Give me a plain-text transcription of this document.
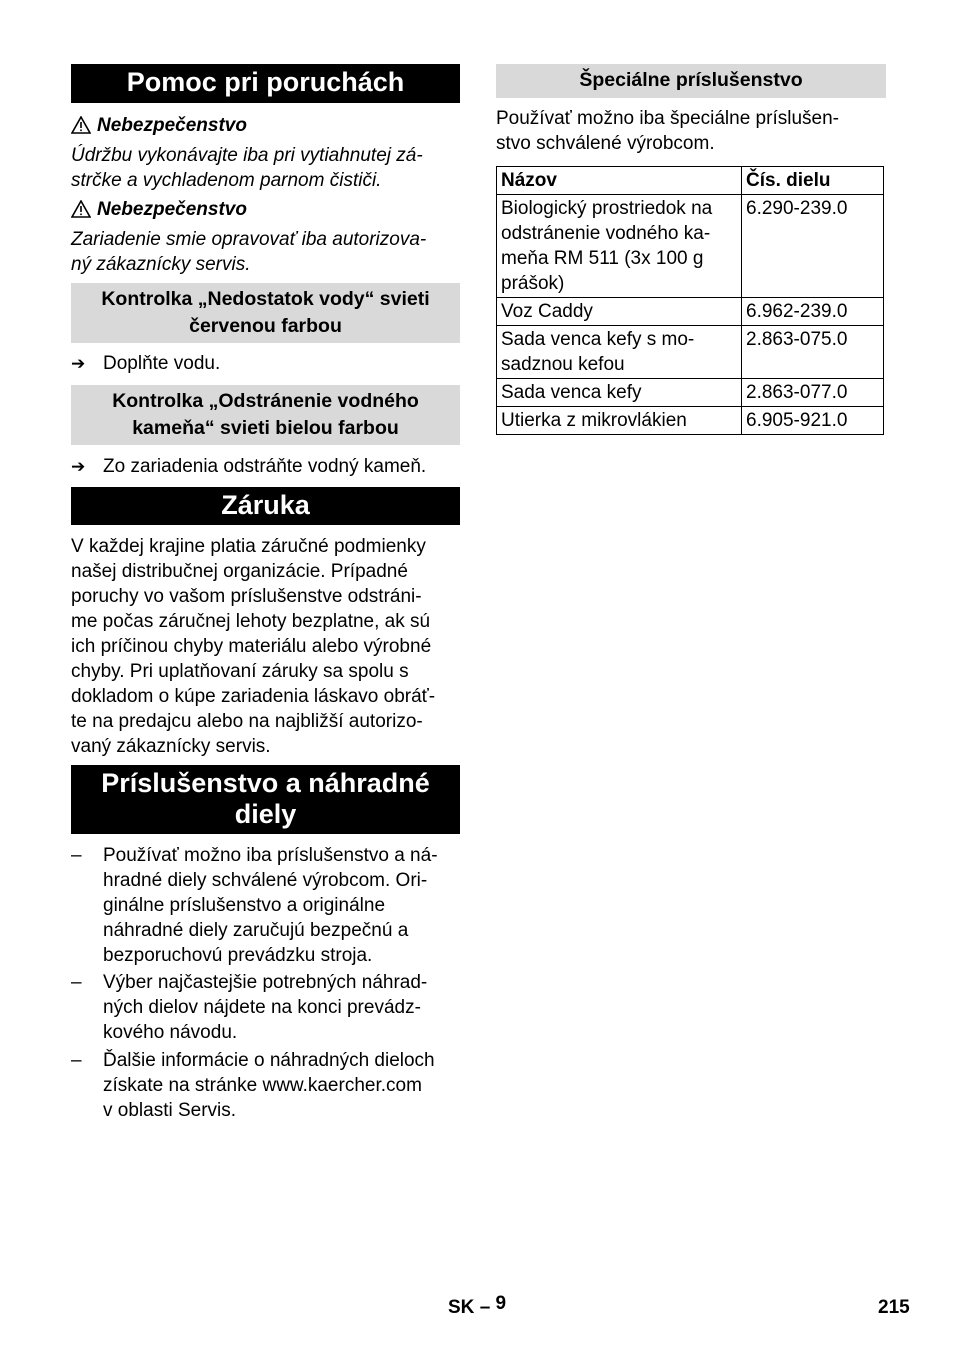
Pomoc pri poruchách
Nebezpečenstvo
Údržbu vykonávajte iba pri vytiahnutej zá-
strčke a vychladenom parnom čističi.
Nebezpečenstvo
Zariadenie smie opravovať iba autorizova-
ný zákaznícky servis.
Kontrolka „Nedostatok vody“ svieti
červenou farbou
➔ Doplňte vodu.
Kontrolka „Odstránenie vodného
kameňa“ svieti bielou farbou
➔ Zo zariadenia odstráňte vodný kameň.
Záruka
V každej krajine platia záručné podmienky
našej distribučnej organizácie. Prípadné
poruchy vo vašom príslušenstve odstráni-
me počas záručnej lehoty bezplatne, ak sú
ich príčinou chyby materiálu alebo výrobné
chyby. Pri uplatňovaní záruky sa spolu s
dokladom o kúpe zariadenia láskavo obráť-
te na predajcu alebo na najbližší autorizo-
vaný zákaznícky servis.
Príslušenstvo a náhradné
diely
– Používať možno iba príslušenstvo a ná-
hradné diely schválené výrobcom. Ori-
ginálne príslušenstvo a originálne
náhradné diely zaručujú bezpečnú a
bezporuchovú prevádzku stroja.
– Výber najčastejšie potrebných náhrad-
ných dielov nájdete na konci prevádz-
kového návodu.
– Ďalšie informácie o náhradných dieloch
získate na stránke www.kaercher.com
v oblasti Servis.
Špeciálne príslušenstvo
Používať možno iba špeciálne príslušen-
stvo schválené výrobcom.
Názov	Čís. dielu

Biologický prostriedok na
odstránenie vodného ka-
meňa RM 511 (3x 100 g
prášok)	6.290-239.0

Voz Caddy	6.962-239.0

Sada venca kefy s mo-
sadznou kefou	2.863-075.0

Sada venca kefy	2.863-077.0

Utierka z mikrovlákien	6.905-921.0
SK – 9	215
